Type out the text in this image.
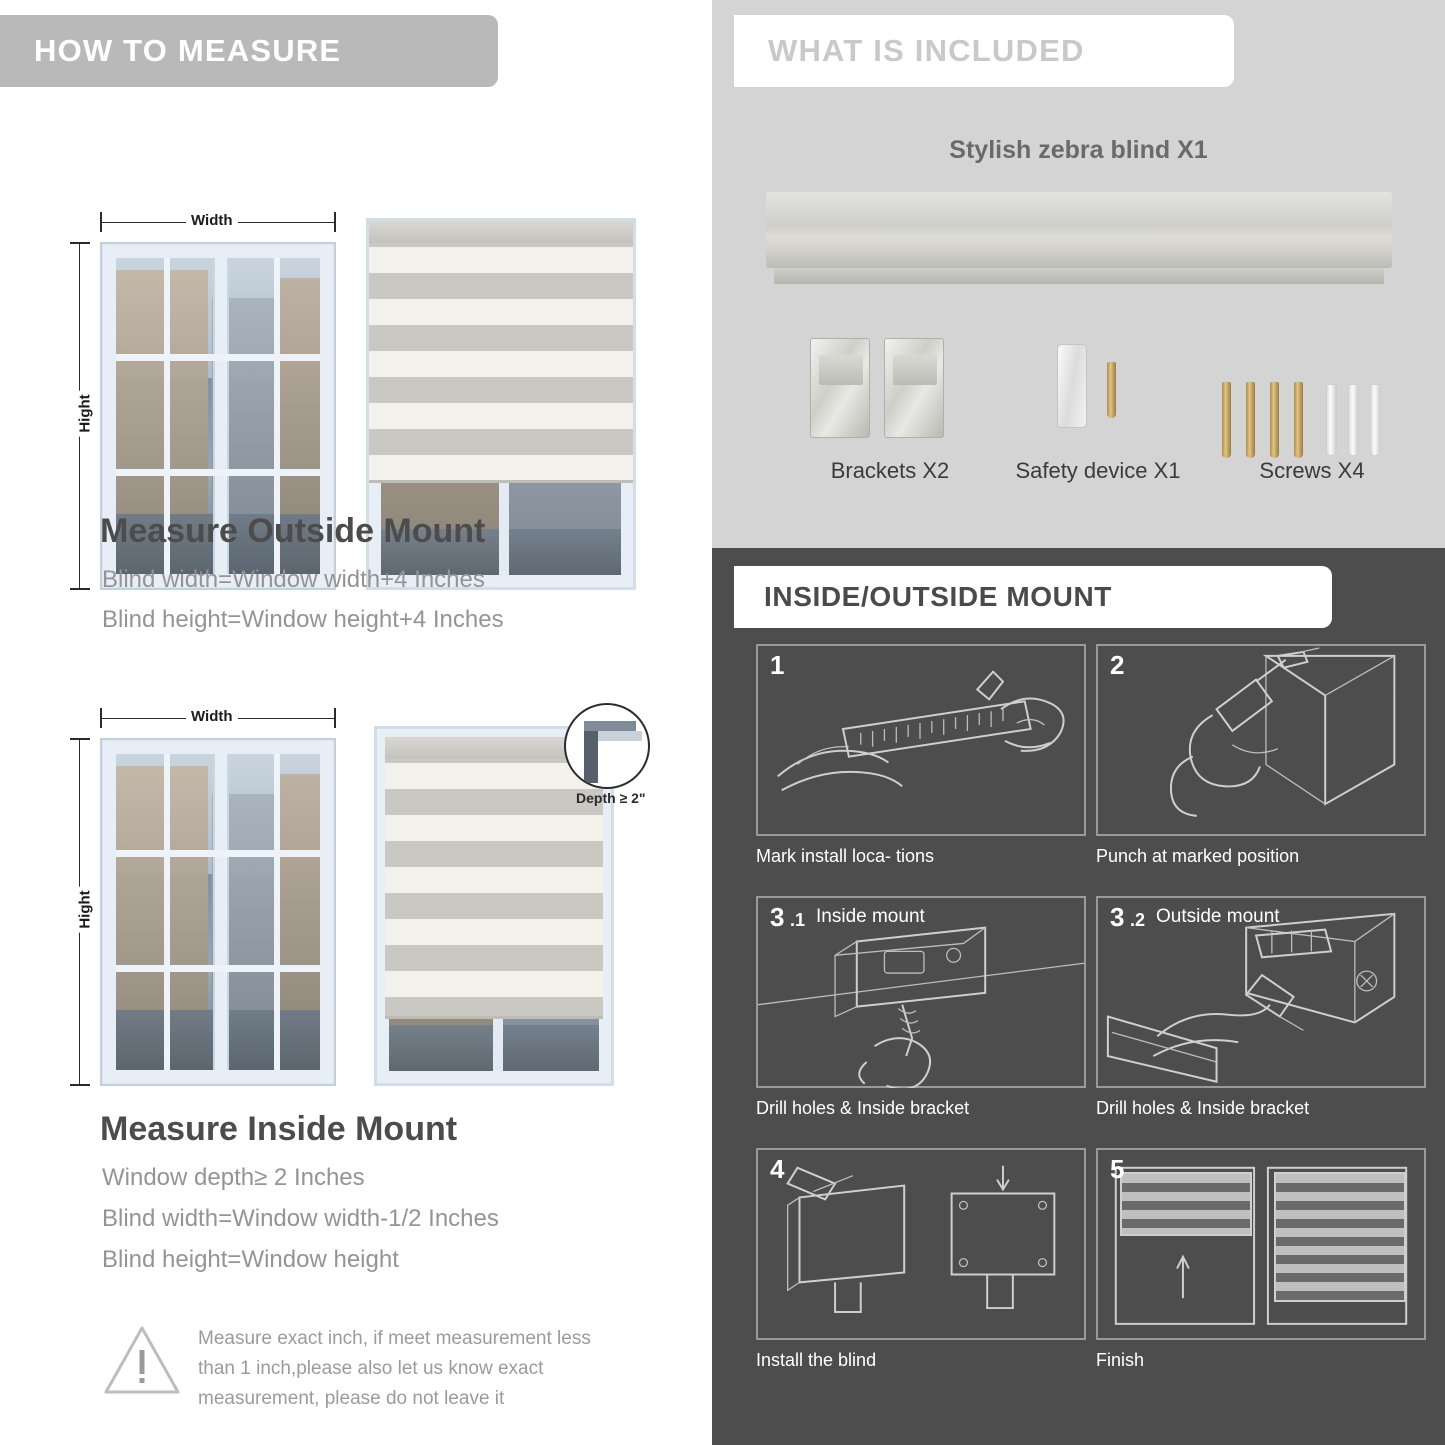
HOW TO MEASURE
Width
Hight
Measure Outside Mount
Blind width=Window width+4 Inches
Blind height=Window height+4 Inches
Width
Hight
Depth ≥ 2"
Measure Inside Mount
Window depth≥ 2 Inches
Blind width=Window width-1/2 Inches
Blind height=Window height
Measure exact inch, if meet measurement less
than 1 inch,please also let us know exact
measurement, please do not leave it
WHAT IS INCLUDED
Stylish zebra blind X1
Brackets X2	Safety device X1	Screws X4
INSIDE/OUTSIDE MOUNT
1
Mark install loca- tions
2
Punch at marked position
3 .1 Inside mount
Drill holes & Inside bracket
3 .2 Outside mount
Drill holes & Inside bracket
4
Install the blind
5
Finish
